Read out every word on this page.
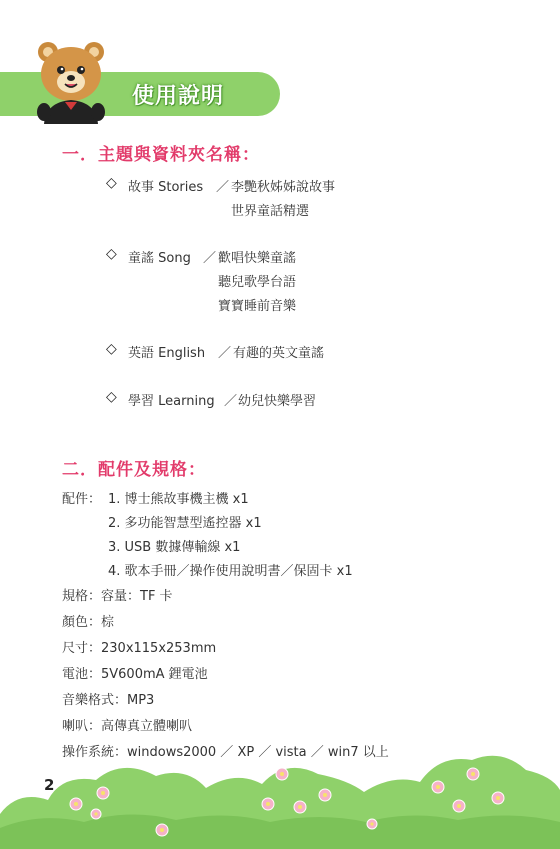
使用說明
一．主題與資料夾名稱：
◇ 故事 Stories ／ 李艷秋姊姊說故事
世界童話精選
◇ 童謠 Song ／ 歡唱快樂童謠
聽兒歌學台語
寶寶睡前音樂
◇ 英語 English ／ 有趣的英文童謠
◇ 學習 Learning ／ 幼兒快樂學習
二．配件及規格：
配件： 1. 博士熊故事機主機 x1
2. 多功能智慧型遙控器 x1
3. USB 數據傳輸線 x1
4. 歌本手冊／操作使用說明書／保固卡 x1
規格：容量：TF 卡
顏色：棕
尺寸：230x115x253mm
電池：5V600mA 鋰電池
音樂格式：MP3
喇叭：高傳真立體喇叭
操作系統：windows2000 ／ XP ／ vista ／ win7 以上
2
